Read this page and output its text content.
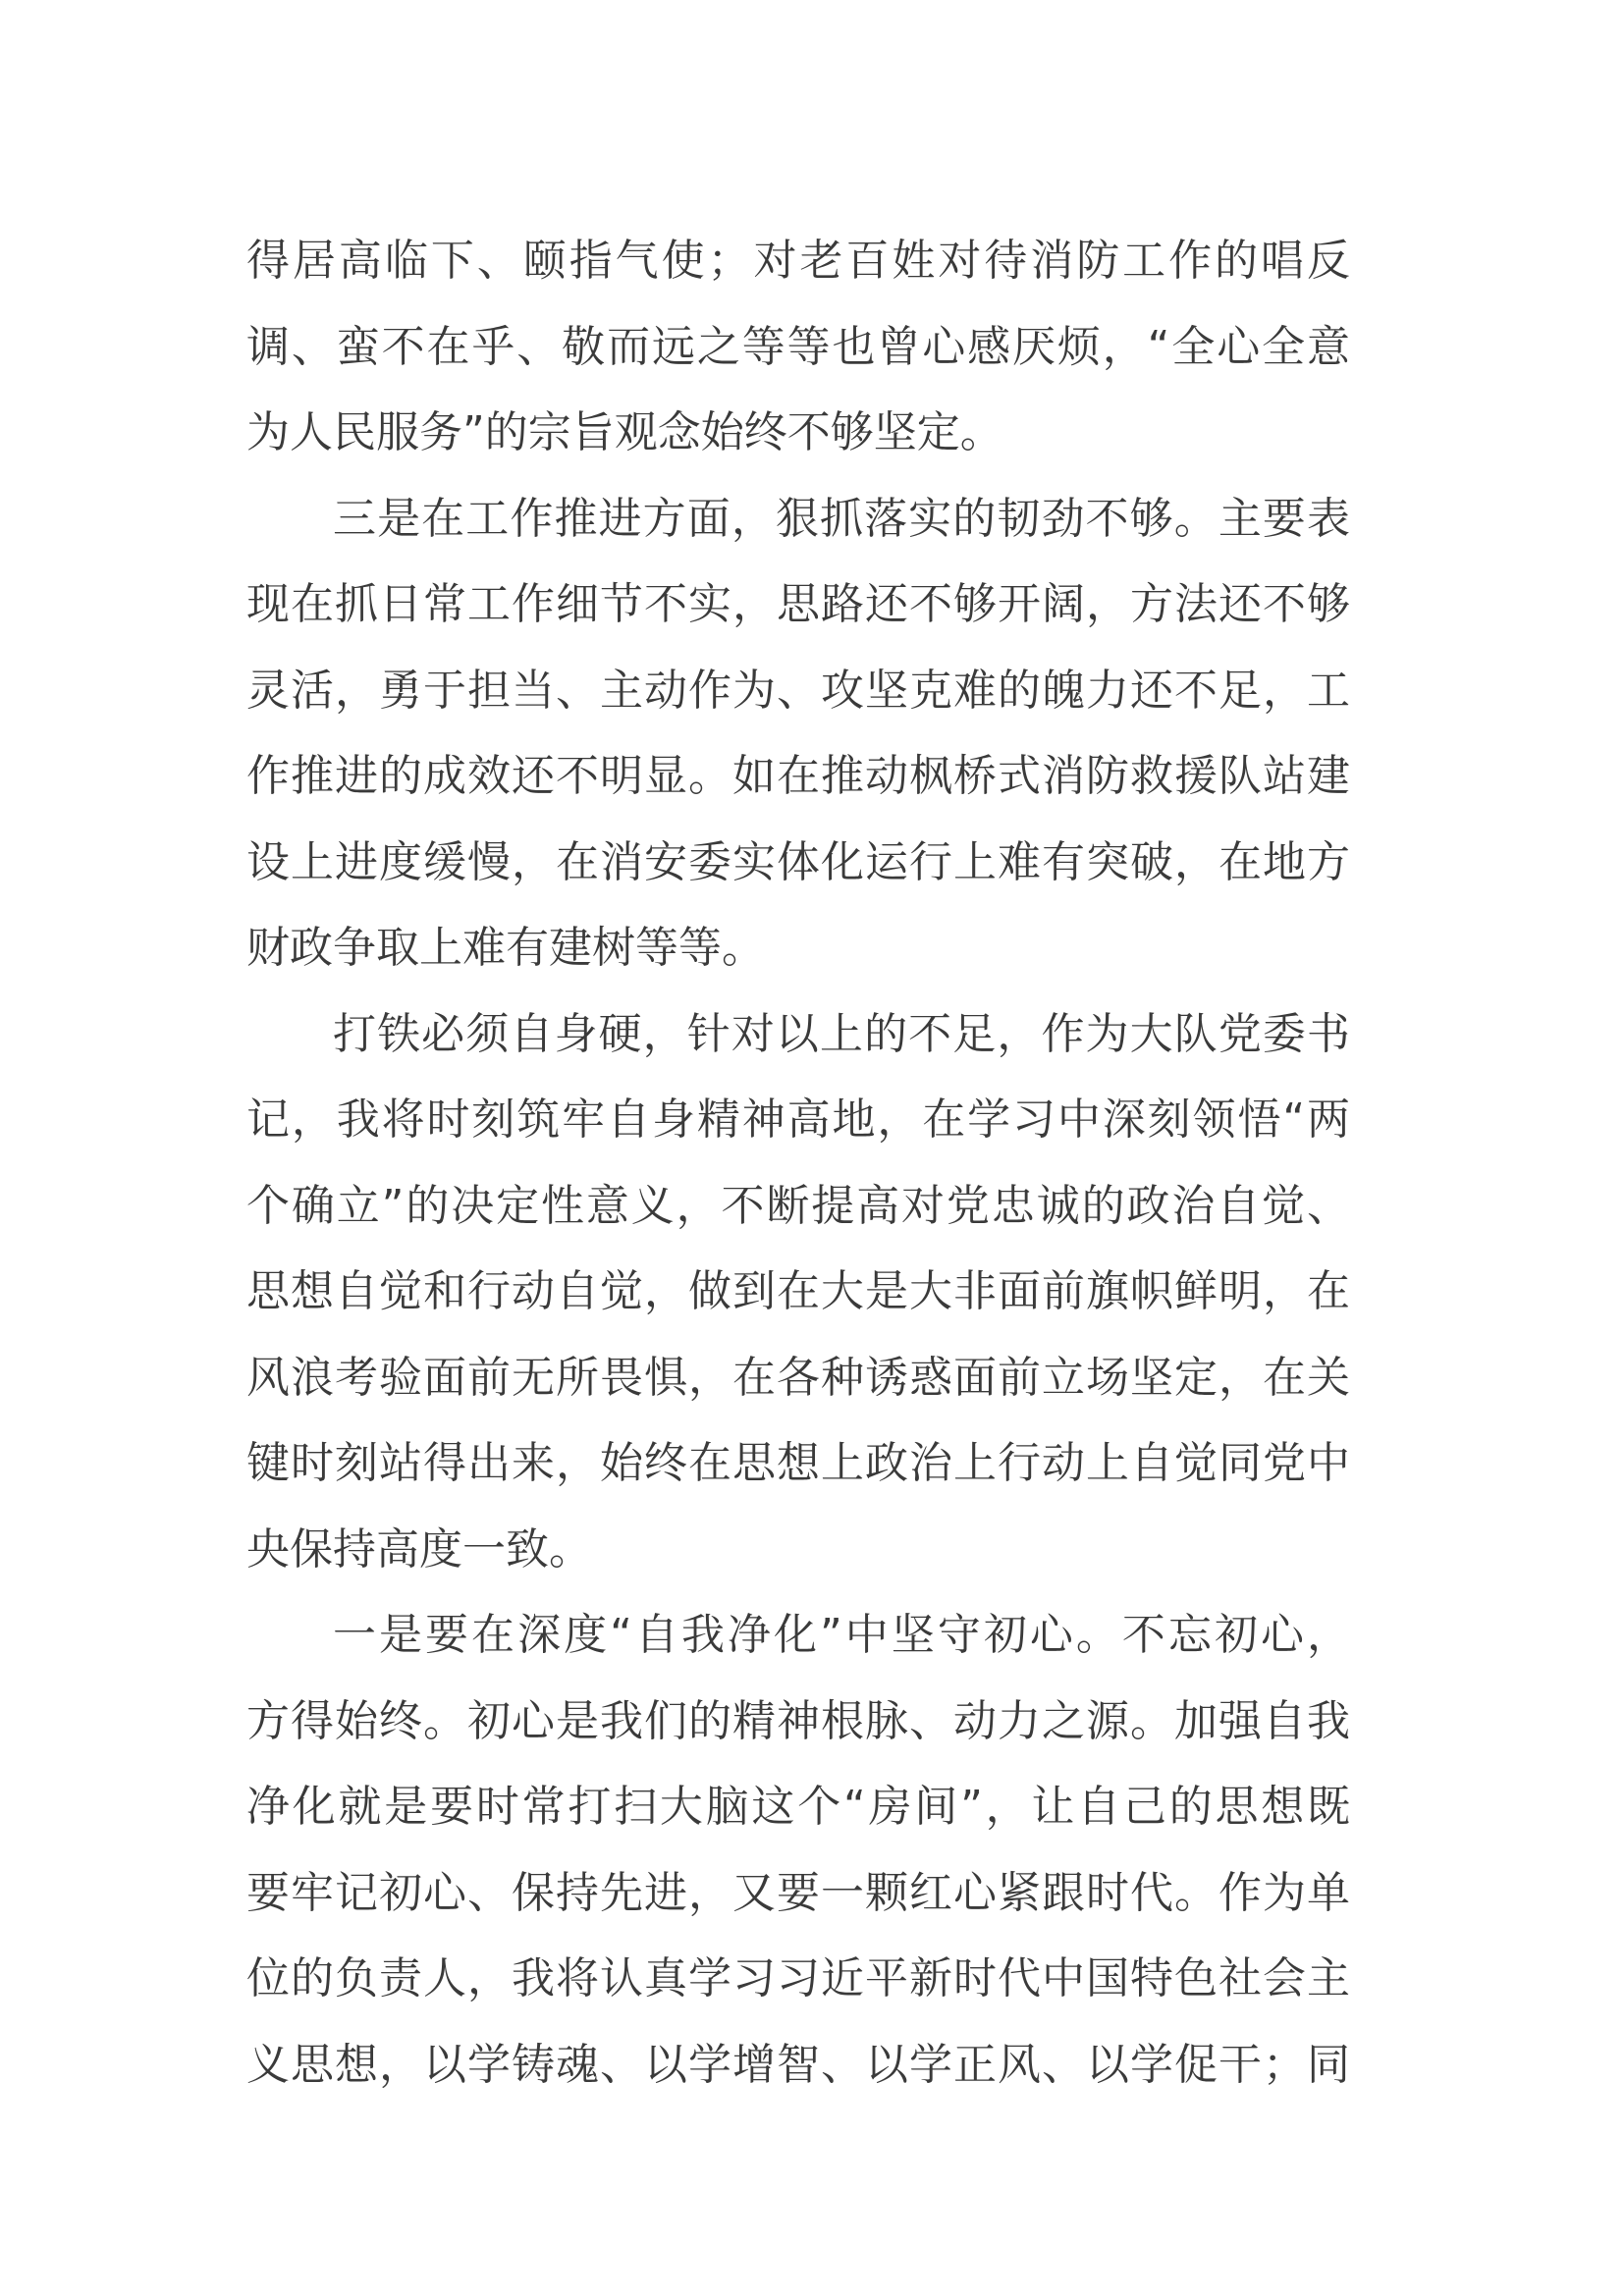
得居高临下、颐指气使；对老百姓对待消防工作的唱反
调、蛮不在乎、敬而远之等等也曾心感厌烦，“全心全意
为人民服务”的宗旨观念始终不够坚定。

三是在工作推进方面，狠抓落实的韧劲不够。主要表
现在抓日常工作细节不实，思路还不够开阔，方法还不够
灵活，勇于担当、主动作为、攻坚克难的魄力还不足，工
作推进的成效还不明显。如在推动枫桥式消防救援队站建
设上进度缓慢，在消安委实体化运行上难有突破，在地方
财政争取上难有建树等等。

打铁必须自身硬，针对以上的不足，作为大队党委书
记，我将时刻筑牢自身精神高地，在学习中深刻领悟“两
个确立”的决定性意义，不断提高对党忠诚的政治自觉、
思想自觉和行动自觉，做到在大是大非面前旗帜鲜明，在
风浪考验面前无所畏惧，在各种诱惑面前立场坚定，在关
键时刻站得出来，始终在思想上政治上行动上自觉同党中
央保持高度一致。

一是要在深度“自我净化”中坚守初心。不忘初心，
方得始终。初心是我们的精神根脉、动力之源。加强自我
净化就是要时常打扫大脑这个“房间”，让自己的思想既
要牢记初心、保持先进，又要一颗红心紧跟时代。作为单
位的负责人，我将认真学习习近平新时代中国特色社会主
义思想，以学铸魂、以学增智、以学正风、以学促干；同
